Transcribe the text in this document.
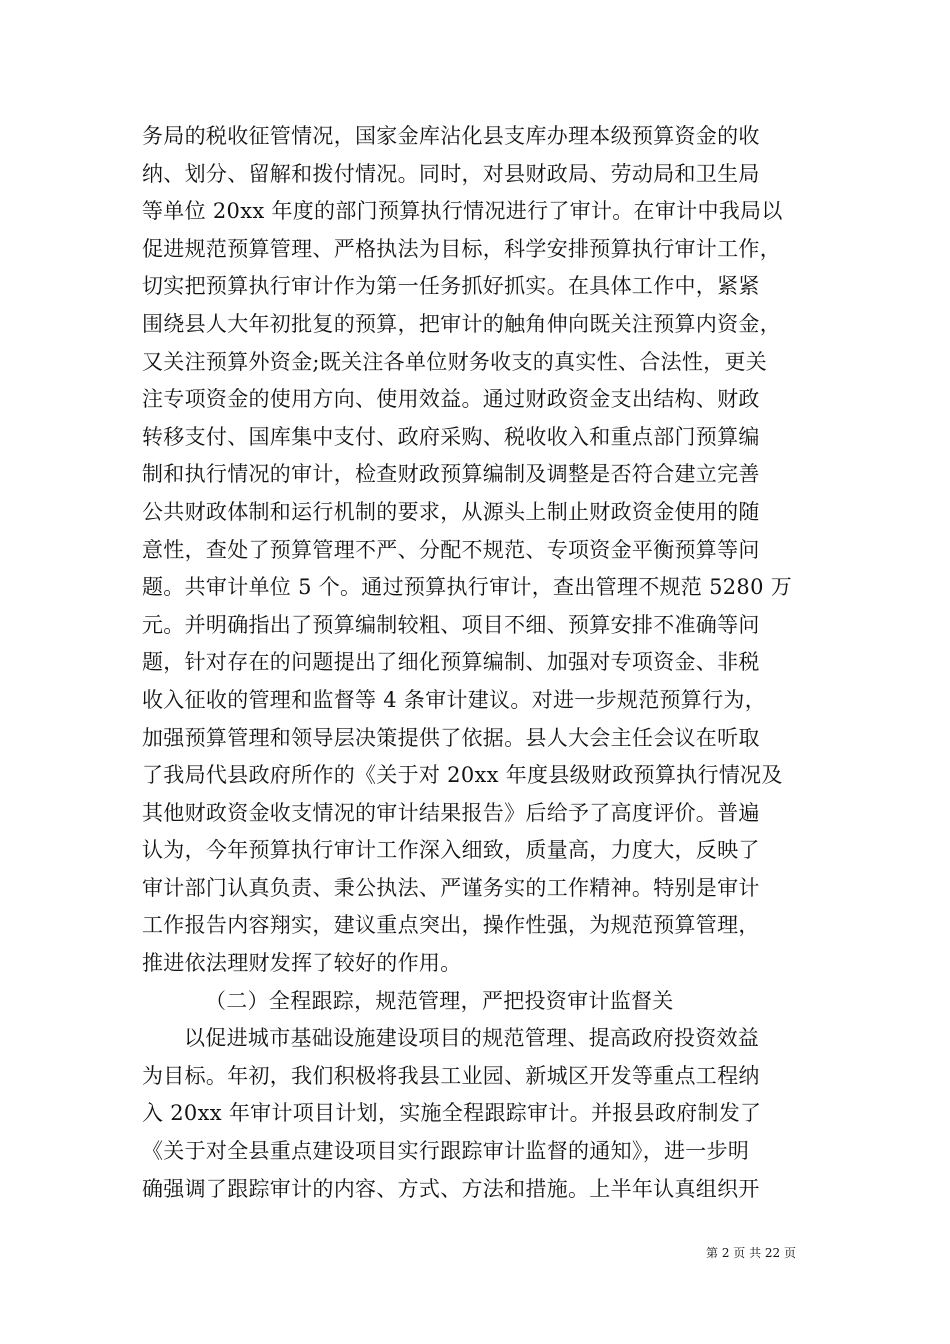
务局的税收征管情况，国家金库沾化县支库办理本级预算资金的收
纳、划分、留解和拨付情况。同时，对县财政局、劳动局和卫生局
等单位 20xx 年度的部门预算执行情况进行了审计。在审计中我局以
促进规范预算管理、严格执法为目标，科学安排预算执行审计工作，
切实把预算执行审计作为第一任务抓好抓实。在具体工作中，紧紧
围绕县人大年初批复的预算，把审计的触角伸向既关注预算内资金，
又关注预算外资金;既关注各单位财务收支的真实性、合法性，更关
注专项资金的使用方向、使用效益。通过财政资金支出结构、财政
转移支付、国库集中支付、政府采购、税收收入和重点部门预算编
制和执行情况的审计，检查财政预算编制及调整是否符合建立完善
公共财政体制和运行机制的要求，从源头上制止财政资金使用的随
意性，查处了预算管理不严、分配不规范、专项资金平衡预算等问
题。共审计单位 5 个。通过预算执行审计，查出管理不规范 5280 万
元。并明确指出了预算编制较粗、项目不细、预算安排不准确等问
题，针对存在的问题提出了细化预算编制、加强对专项资金、非税
收入征收的管理和监督等 4 条审计建议。对进一步规范预算行为，
加强预算管理和领导层决策提供了依据。县人大会主任会议在听取
了我局代县政府所作的《关于对 20xx 年度县级财政预算执行情况及
其他财政资金收支情况的审计结果报告》后给予了高度评价。普遍
认为，今年预算执行审计工作深入细致，质量高，力度大，反映了
审计部门认真负责、秉公执法、严谨务实的工作精神。特别是审计
工作报告内容翔实，建议重点突出，操作性强，为规范预算管理，
推进依法理财发挥了较好的作用。
（二）全程跟踪，规范管理，严把投资审计监督关
以促进城市基础设施建设项目的规范管理、提高政府投资效益
为目标。年初，我们积极将我县工业园、新城区开发等重点工程纳
入 20xx 年审计项目计划，实施全程跟踪审计。并报县政府制发了
《关于对全县重点建设项目实行跟踪审计监督的通知》，进一步明
确强调了跟踪审计的内容、方式、方法和措施。上半年认真组织开
第 2 页 共 22 页
